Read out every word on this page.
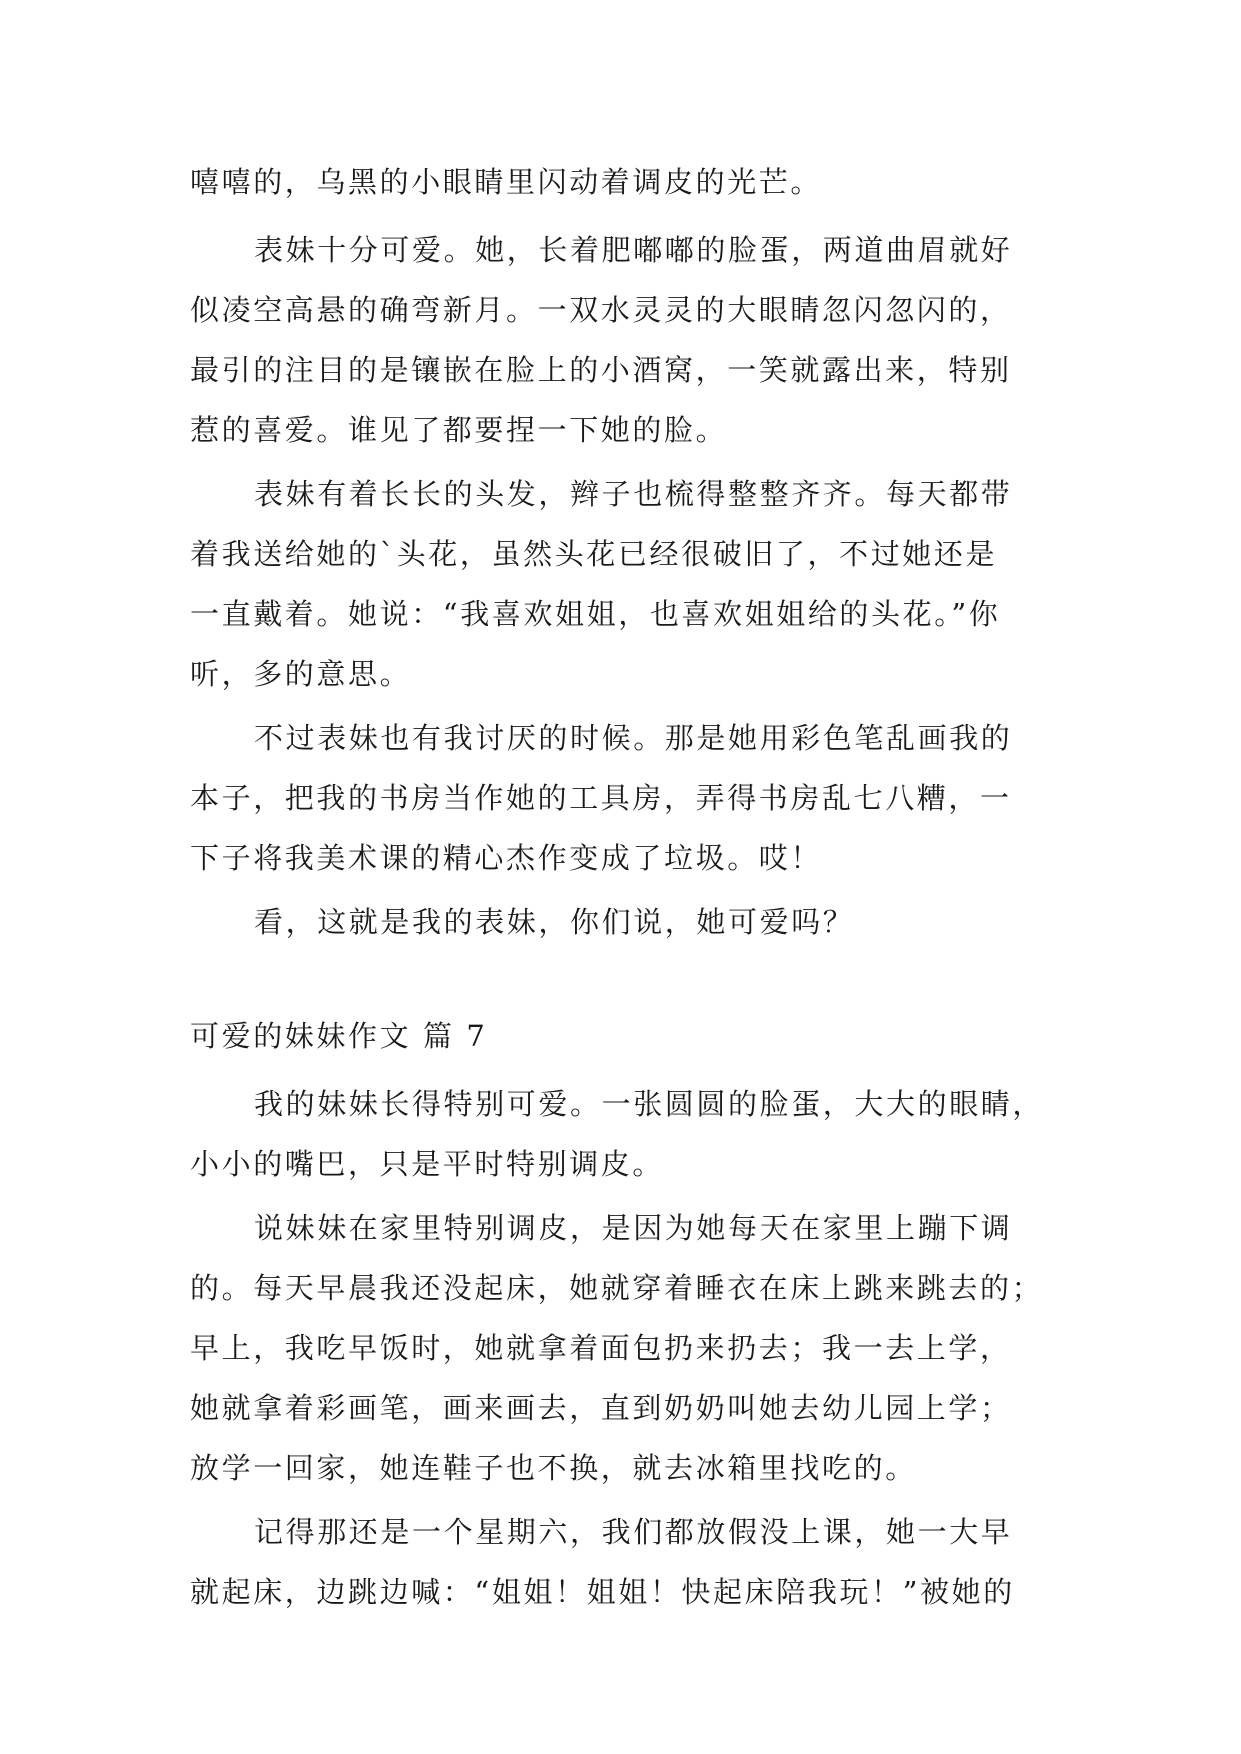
嘻嘻的，乌黑的小眼睛里闪动着调皮的光芒。
表妹十分可爱。她，长着肥嘟嘟的脸蛋，两道曲眉就好
似凌空高悬的确弯新月。一双水灵灵的大眼睛忽闪忽闪的，
最引的注目的是镶嵌在脸上的小酒窝，一笑就露出来，特别
惹的喜爱。谁见了都要捏一下她的脸。
表妹有着长长的头发，辫子也梳得整整齐齐。每天都带
着我送给她的`头花，虽然头花已经很破旧了，不过她还是
一直戴着。她说：“我喜欢姐姐，也喜欢姐姐给的头花。”你
听，多的意思。
不过表妹也有我讨厌的时候。那是她用彩色笔乱画我的
本子，把我的书房当作她的工具房，弄得书房乱七八糟，一
下子将我美术课的精心杰作变成了垃圾。哎！
看，这就是我的表妹，你们说，她可爱吗？
可爱的妹妹作文 篇 7
我的妹妹长得特别可爱。一张圆圆的脸蛋，大大的眼睛，
小小的嘴巴，只是平时特别调皮。
说妹妹在家里特别调皮，是因为她每天在家里上蹦下调
的。每天早晨我还没起床，她就穿着睡衣在床上跳来跳去的；
早上，我吃早饭时，她就拿着面包扔来扔去；我一去上学，
她就拿着彩画笔，画来画去，直到奶奶叫她去幼儿园上学；
放学一回家，她连鞋子也不换，就去冰箱里找吃的。
记得那还是一个星期六，我们都放假没上课，她一大早
就起床，边跳边喊：“姐姐！姐姐！快起床陪我玩！”被她的
